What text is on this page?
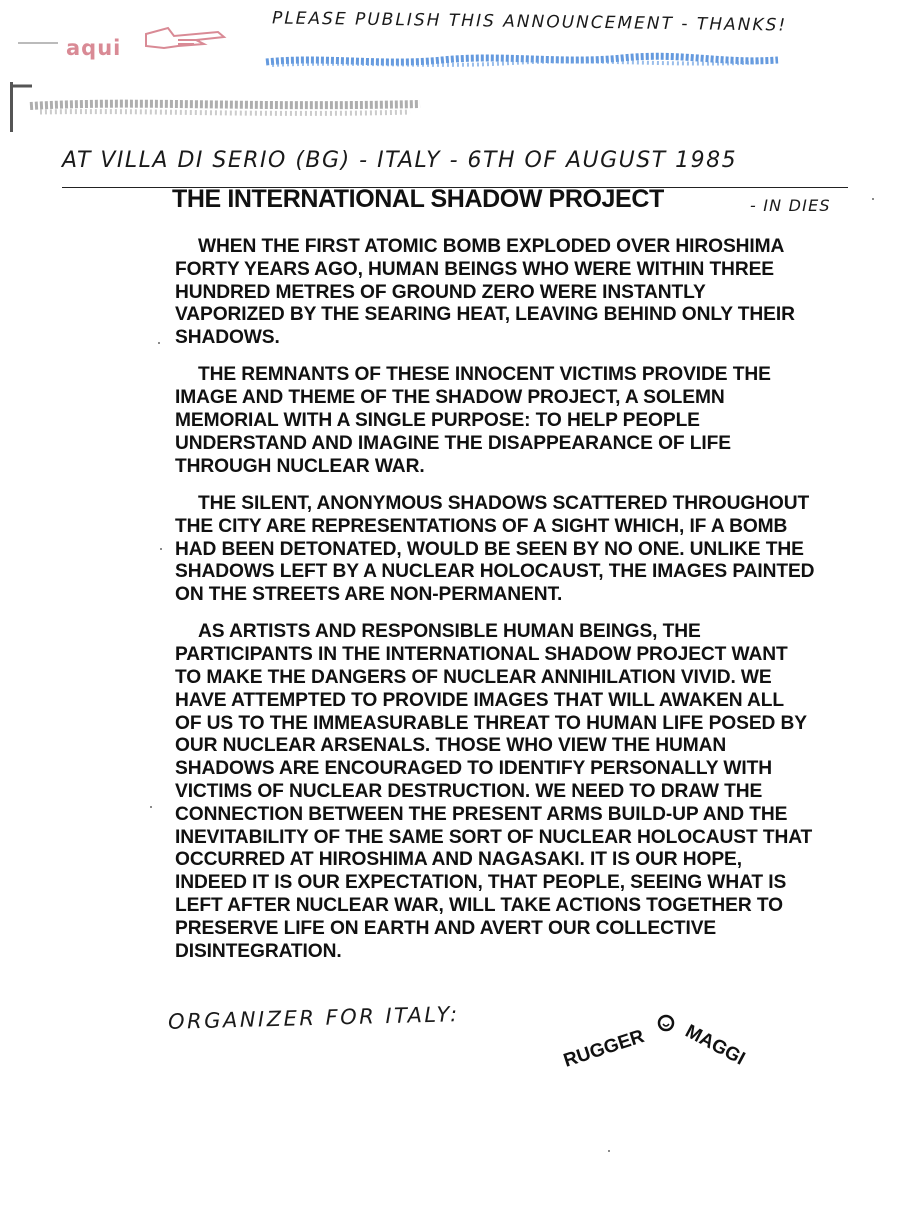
aqui
PLEASE PUBLISH THIS ANNOUNCEMENT - THANKS!
AT VILLA DI SERIO (BG) - ITALY - 6TH OF AUGUST 1985
THE INTERNATIONAL SHADOW PROJECT	- IN DIES

WHEN THE FIRST ATOMIC BOMB EXPLODED OVER HIROSHIMA FORTY YEARS AGO, HUMAN BEINGS WHO WERE WITHIN THREE HUNDRED METRES OF GROUND ZERO WERE INSTANTLY VAPORIZED BY THE SEARING HEAT, LEAVING BEHIND ONLY THEIR SHADOWS.

THE REMNANTS OF THESE INNOCENT VICTIMS PROVIDE THE IMAGE AND THEME OF THE SHADOW PROJECT, A SOLEMN MEMORIAL WITH A SINGLE PURPOSE: TO HELP PEOPLE UNDERSTAND AND IMAGINE THE DISAPPEARANCE OF LIFE THROUGH NUCLEAR WAR.

THE SILENT, ANONYMOUS SHADOWS SCATTERED THROUGHOUT THE CITY ARE REPRESENTATIONS OF A SIGHT WHICH, IF A BOMB HAD BEEN DETONATED, WOULD BE SEEN BY NO ONE. UNLIKE THE SHADOWS LEFT BY A NUCLEAR HOLOCAUST, THE IMAGES PAINTED ON THE STREETS ARE NON-PERMANENT.

AS ARTISTS AND RESPONSIBLE HUMAN BEINGS, THE PARTICIPANTS IN THE INTERNATIONAL SHADOW PROJECT WANT TO MAKE THE DANGERS OF NUCLEAR ANNIHILATION VIVID. WE HAVE ATTEMPTED TO PROVIDE IMAGES THAT WILL AWAKEN ALL OF US TO THE IMMEASURABLE THREAT TO HUMAN LIFE POSED BY OUR NUCLEAR ARSENALS. THOSE WHO VIEW THE HUMAN SHADOWS ARE ENCOURAGED TO IDENTIFY PERSONALLY WITH VICTIMS OF NUCLEAR DESTRUCTION. WE NEED TO DRAW THE CONNECTION BETWEEN THE PRESENT ARMS BUILD-UP AND THE INEVITABILITY OF THE SAME SORT OF NUCLEAR HOLOCAUST THAT OCCURRED AT HIROSHIMA AND NAGASAKI. IT IS OUR HOPE, INDEED IT IS OUR EXPECTATION, THAT PEOPLE, SEEING WHAT IS LEFT AFTER NUCLEAR WAR, WILL TAKE ACTIONS TOGETHER TO PRESERVE LIFE ON EARTH AND AVERT OUR COLLECTIVE DISINTEGRATION.

ORGANIZER FOR ITALY:
RUGGER MAGGI
